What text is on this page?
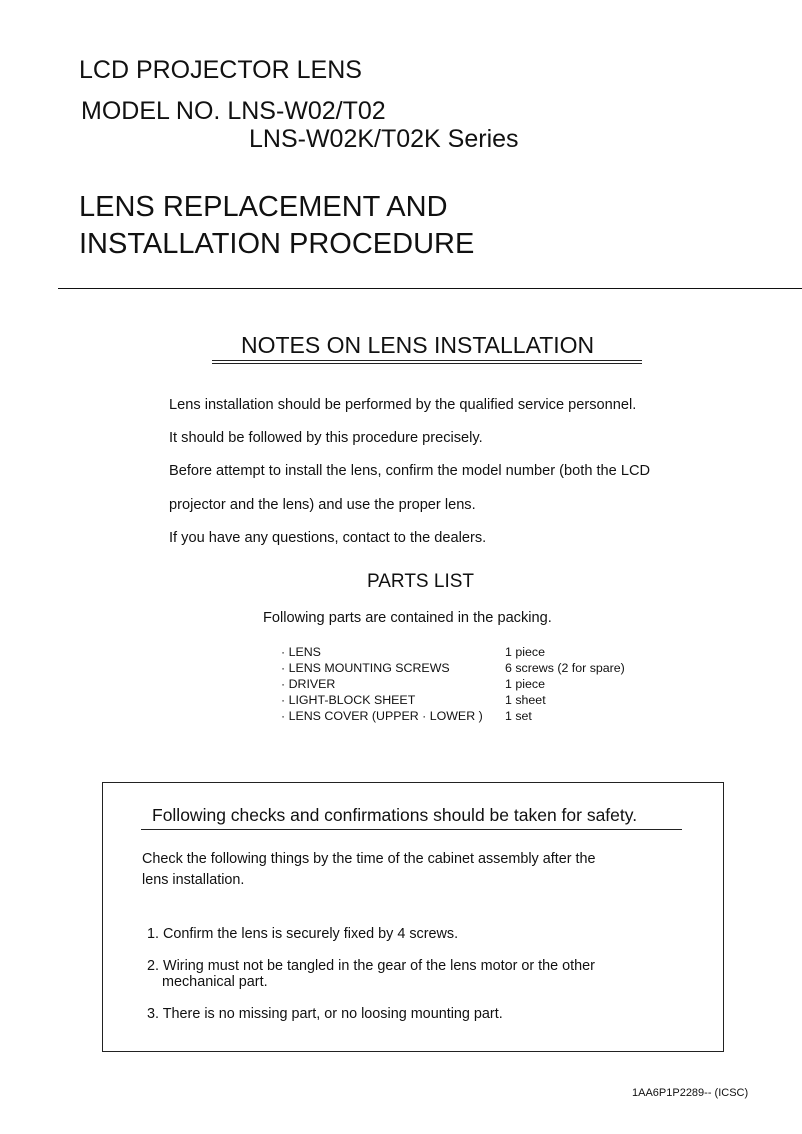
LCD PROJECTOR LENS
MODEL NO. LNS-W02/T02
LNS-W02K/T02K Series
LENS REPLACEMENT AND
INSTALLATION PROCEDURE
NOTES ON LENS INSTALLATION
Lens installation should be performed by the qualified service personnel.
It should be followed by this procedure precisely.
Before attempt to install the lens, confirm the model number (both the LCD
projector and the lens) and use the proper lens.
If you have any questions, contact to the dealers.
PARTS LIST
Following parts are contained in the packing.
· LENS	1 piece
· LENS MOUNTING SCREWS	6 screws (2 for spare)
· DRIVER	1 piece
· LIGHT-BLOCK SHEET	1 sheet
· LENS COVER (UPPER · LOWER ) 1 set
Following checks and confirmations should be taken for safety.
Check the following things by the time of the cabinet assembly after the
lens installation.
1. Confirm the lens is securely fixed by 4 screws.
2. Wiring must not be tangled in the gear of the lens motor or the other
mechanical part.
3. There is no missing part, or no loosing mounting part.
1AA6P1P2289-- (ICSC)
